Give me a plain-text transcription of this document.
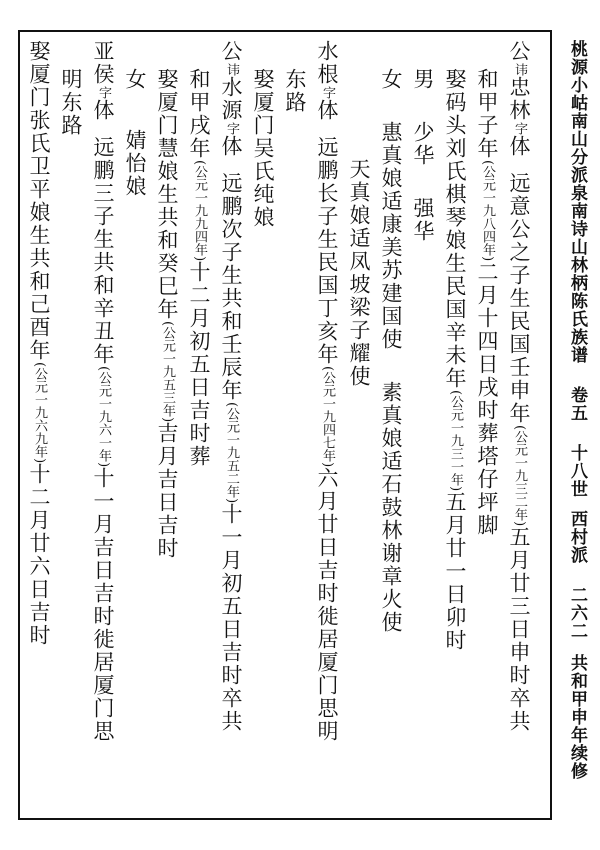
桃源小岵南山分派泉南诗山林柄陈氏族谱卷五十八世西村派二六二共和甲申年续修
公讳忠林字体远意公之子生民国壬申年(公元一九三二年)五月廿三日申时卒共
和甲子年(公元一九八四年)二月十四日戌时葬塔仔坪脚
娶码头刘氏棋琴娘生民国辛未年(公元一九三一年)五月廿一日卯时
男少华强华
女惠真娘适康美苏建国使素真娘适石鼓林谢章火使
天真娘适凤坡梁子耀使
水根字体远鹏长子生民国丁亥年(公元一九四七年)六月廿日吉时徙居厦门思明
东路
娶厦门吴氏纯娘
公讳水源字体远鹏次子生共和壬辰年(公元一九五二年)十一月初五日吉时卒共
和甲戌年(公元一九九四年)十二月初五日吉时葬
娶厦门慧娘生共和癸巳年(公元一九五三年)吉月吉日吉时
女婧怡娘
亚侯字体远鹏三子生共和辛丑年(公元一九六一年)十一月吉日吉时徙居厦门思
明东路
娶厦门张氏卫平娘生共和己酉年(公元一九六九年)十二月廿六日吉时
